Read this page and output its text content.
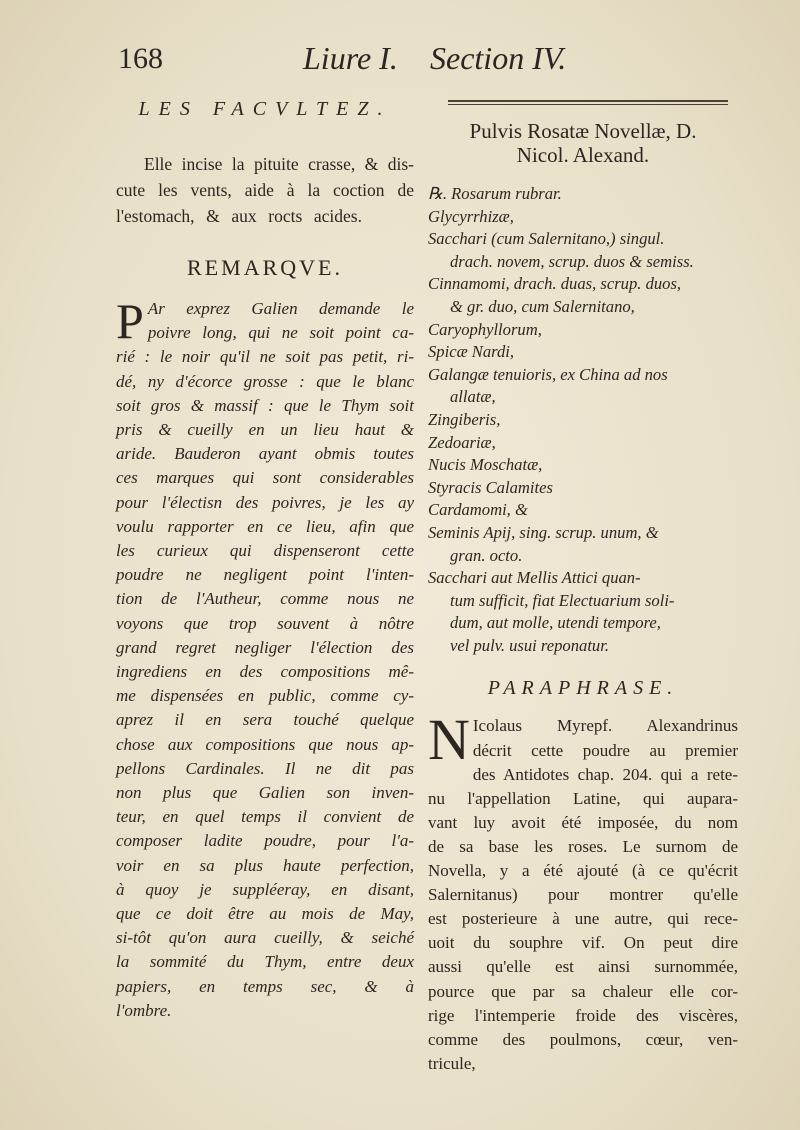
168	Liure I. Section IV.
LES FACVLTEZ.
Elle incise la pituite crasse, & dis-
cute les vents, aide à la coction de
l'estomach, & aux rocts acides.
REMARQVE.
P Ar exprez Galien demande le

poivre long, qui ne soit point ca-

rié : le noir qu'il ne soit pas petit, ri-

dé, ny d'écorce grosse : que le blanc

soit gros & massif : que le Thym soit

pris & cueilly en un lieu haut &

aride. Bauderon ayant obmis toutes

ces marques qui sont considerables

pour l'électisn des poivres, je les ay

voulu rapporter en ce lieu, afin que

les curieux qui dispenseront cette

poudre ne negligent point l'inten-

tion de l'Autheur, comme nous ne

voyons que trop souvent à nôtre

grand regret negliger l'élection des

ingrediens en des compositions mê-

me dispensées en public, comme cy-

aprez il en sera touché quelque

chose aux compositions que nous ap-

pellons Cardinales. Il ne dit pas

non plus que Galien son inven-

teur, en quel temps il convient de

composer ladite poudre, pour l'a-

voir en sa plus haute perfection,

à quoy je suppléeray, en disant,

que ce doit être au mois de May,

si-tôt qu'on aura cueilly, & seiché

la sommité du Thym, entre deux

papiers, en temps sec, & à

l'ombre.

Pulvis Rosatæ Novellæ, D.
Nicol. Alexand.
℞. Rosarum rubrar.
Glycyrrhizæ,
Sacchari (cum Salernitano,) singul.
drach. novem, scrup. duos & semiss.
Cinnamomi, drach. duas, scrup. duos,
& gr. duo, cum Salernitano,
Caryophyllorum,
Spicæ Nardi,
Galangæ tenuioris, ex China ad nos
allatæ,
Zingiberis,
Zedoariæ,
Nucis Moschatæ,
Styracis Calamites
Cardamomi, &
Seminis Apij, sing. scrup. unum, &
gran. octo.
Sacchari aut Mellis Attici quan-
tum sufficit, fiat Electuarium soli-
dum, aut molle, utendi tempore,
vel pulv. usui reponatur.
PARAPHRASE.
N Icolaus Myrepf. Alexandrinus
décrit cette poudre au premier
des Antidotes chap. 204. qui a rete-
nu l'appellation Latine, qui aupara-
vant luy avoit été imposée, du nom
de sa base les roses. Le surnom de
Novella, y a été ajouté (à ce qu'écrit
Salernitanus) pour montrer qu'elle
est posterieure à une autre, qui rece-
uoit du souphre vif. On peut dire
aussi qu'elle est ainsi surnommée,
pource que par sa chaleur elle cor-
rige l'intemperie froide des viscères,
comme des poulmons, cœur, ven-
tricule,
